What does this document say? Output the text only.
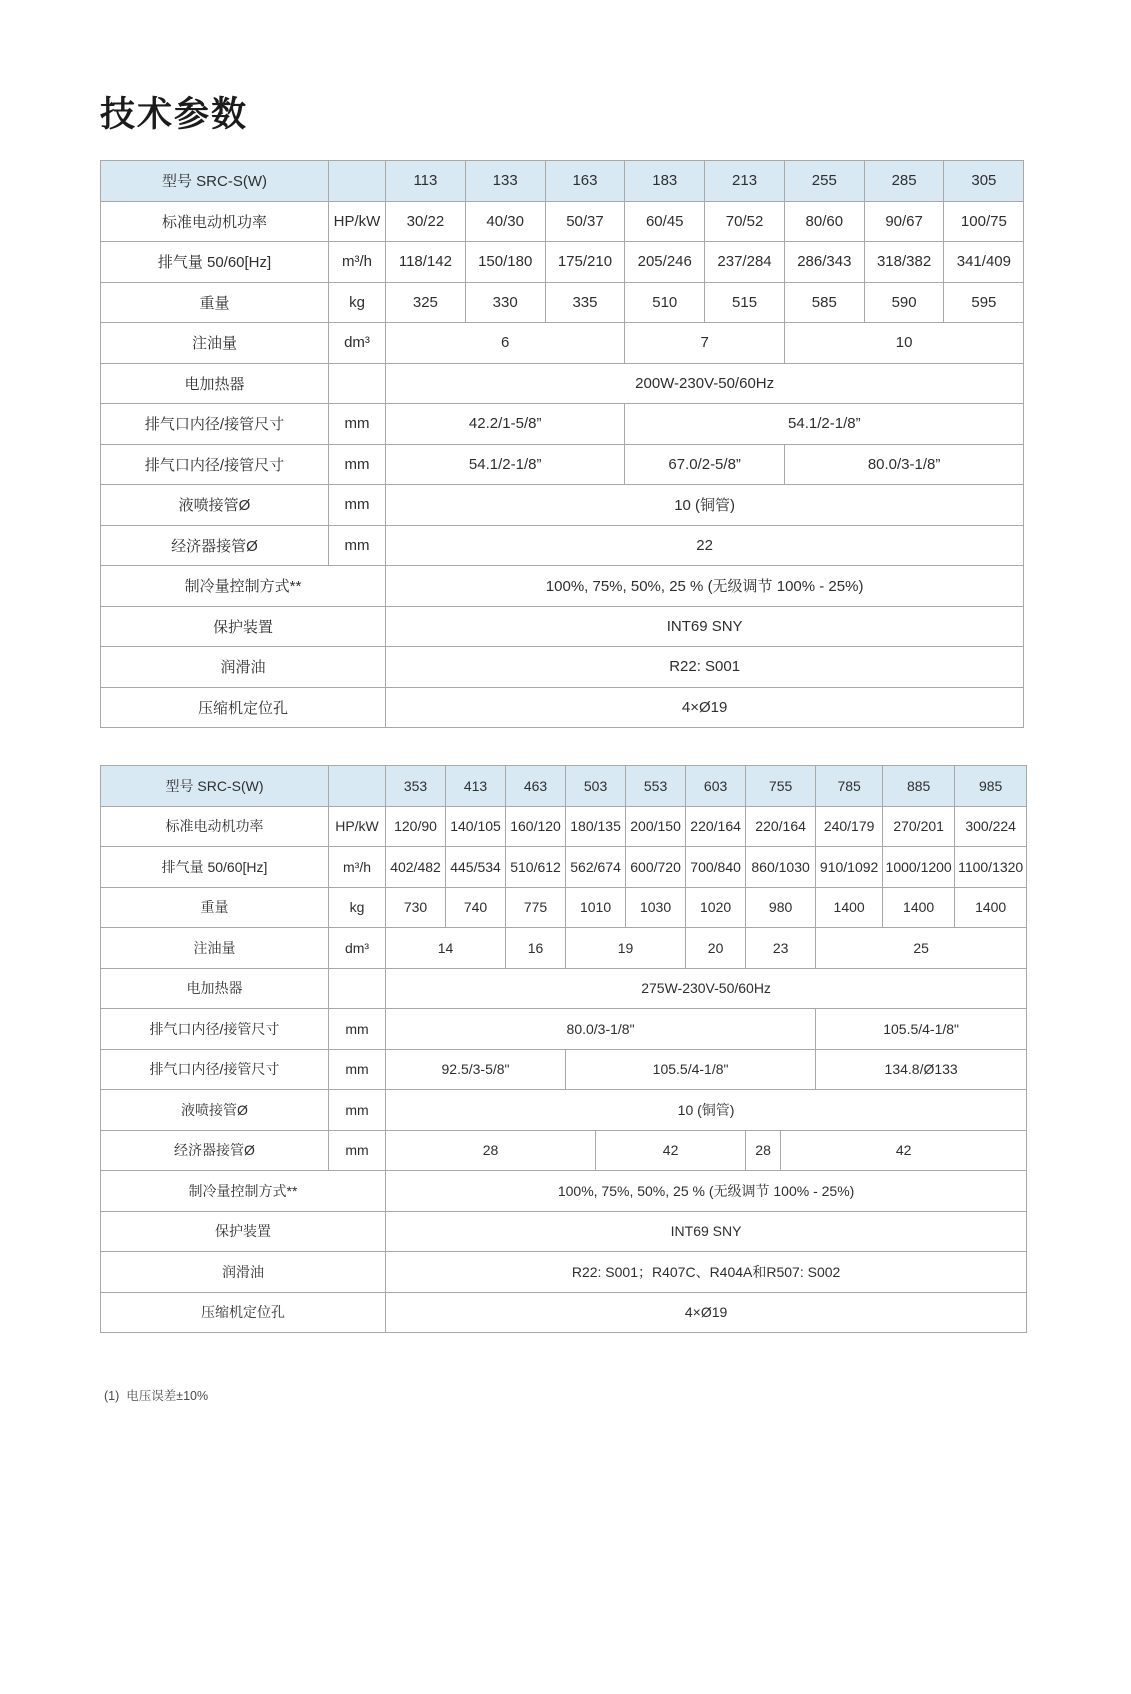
技术参数
型号 SRC-S(W)		113	133	163	183	213	255	285	305
标准电动机功率	HP/kW	30/22	40/30	50/37	60/45	70/52	80/60	90/67	100/75
排气量 50/60[Hz]	m³/h	118/142	150/180	175/210	205/246	237/284	286/343	318/382	341/409
重量	kg	325	330	335	510	515	585	590	595
注油量	dm³	6			7		10		
电加热器		200W-230V-50/60Hz							
排气口内径/接管尺寸	mm	42.2/1-5/8”			54.1/2-1/8”				
排气口内径/接管尺寸	mm	54.1/2-1/8”			67.0/2-5/8”		80.0/3-1/8”		
液喷接管Ø	mm	10 (铜管)							
经济器接管Ø	mm	22							
制冷量控制方式**		100%, 75%, 50%, 25 % (无级调节 100% - 25%)							
保护装置		INT69 SNY							
润滑油		R22: S001							
压缩机定位孔		4×Ø19							
型号 SRC-S(W)		353	413	463	503		553	603	755		785	885	985
标准电动机功率	HP/kW	120/90	140/105	160/120	180/135		200/150	220/164	220/164		240/179	270/201	300/224
排气量 50/60[Hz]	m³/h	402/482	445/534	510/612	562/674		600/720	700/840	860/1030		910/1092	1000/1200	1100/1320
重量	kg	730	740	775	1010		1030	1020	980		1400	1400	1400
注油量	dm³	14		16	19			20	23		25		
电加热器		275W-230V-50/60Hz											
排气口内径/接管尺寸	mm	80.0/3-1/8"									105.5/4-1/8"		
排气口内径/接管尺寸	mm	92.5/3-5/8"			105.5/4-1/8"						134.8/Ø133		
液喷接管Ø	mm	10 (铜管)											
经济器接管Ø	mm	28				42			28	42			
制冷量控制方式**		100%, 75%, 50%, 25 % (无级调节 100% - 25%)											
保护装置		INT69 SNY											
润滑油		R22: S001；R407C、R404A和R507: S002											
压缩机定位孔		4×Ø19											
(1)  电压误差±10%
